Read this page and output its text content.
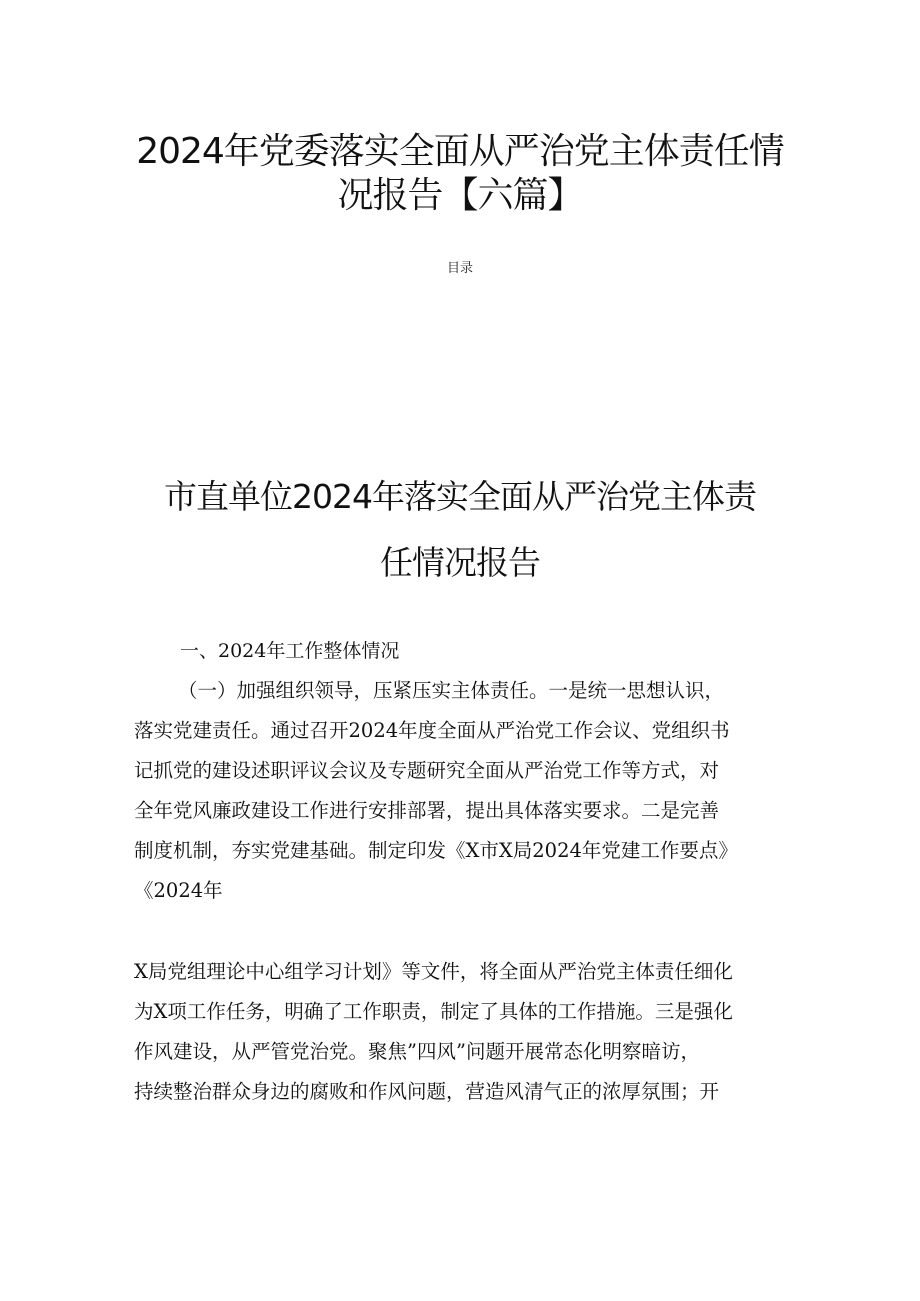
2024年党委落实全面从严治党主体责任情
况报告【六篇】
目录
市直单位2024年落实全面从严治党主体责
任情况报告
一、2024年工作整体情况
（一）加强组织领导，压紧压实主体责任。一是统一思想认识，
落实党建责任。通过召开2024年度全面从严治党工作会议、党组织书
记抓党的建设述职评议会议及专题研究全面从严治党工作等方式，对
全年党风廉政建设工作进行安排部署，提出具体落实要求。二是完善
制度机制，夯实党建基础。制定印发《X市X局2024年党建工作要点》
《2024年
X局党组理论中心组学习计划》等文件，将全面从严治党主体责任细化
为X项工作任务，明确了工作职责，制定了具体的工作措施。三是强化
作风建设，从严管党治党。聚焦”四风”问题开展常态化明察暗访，
持续整治群众身边的腐败和作风问题，营造风清气正的浓厚氛围；开
